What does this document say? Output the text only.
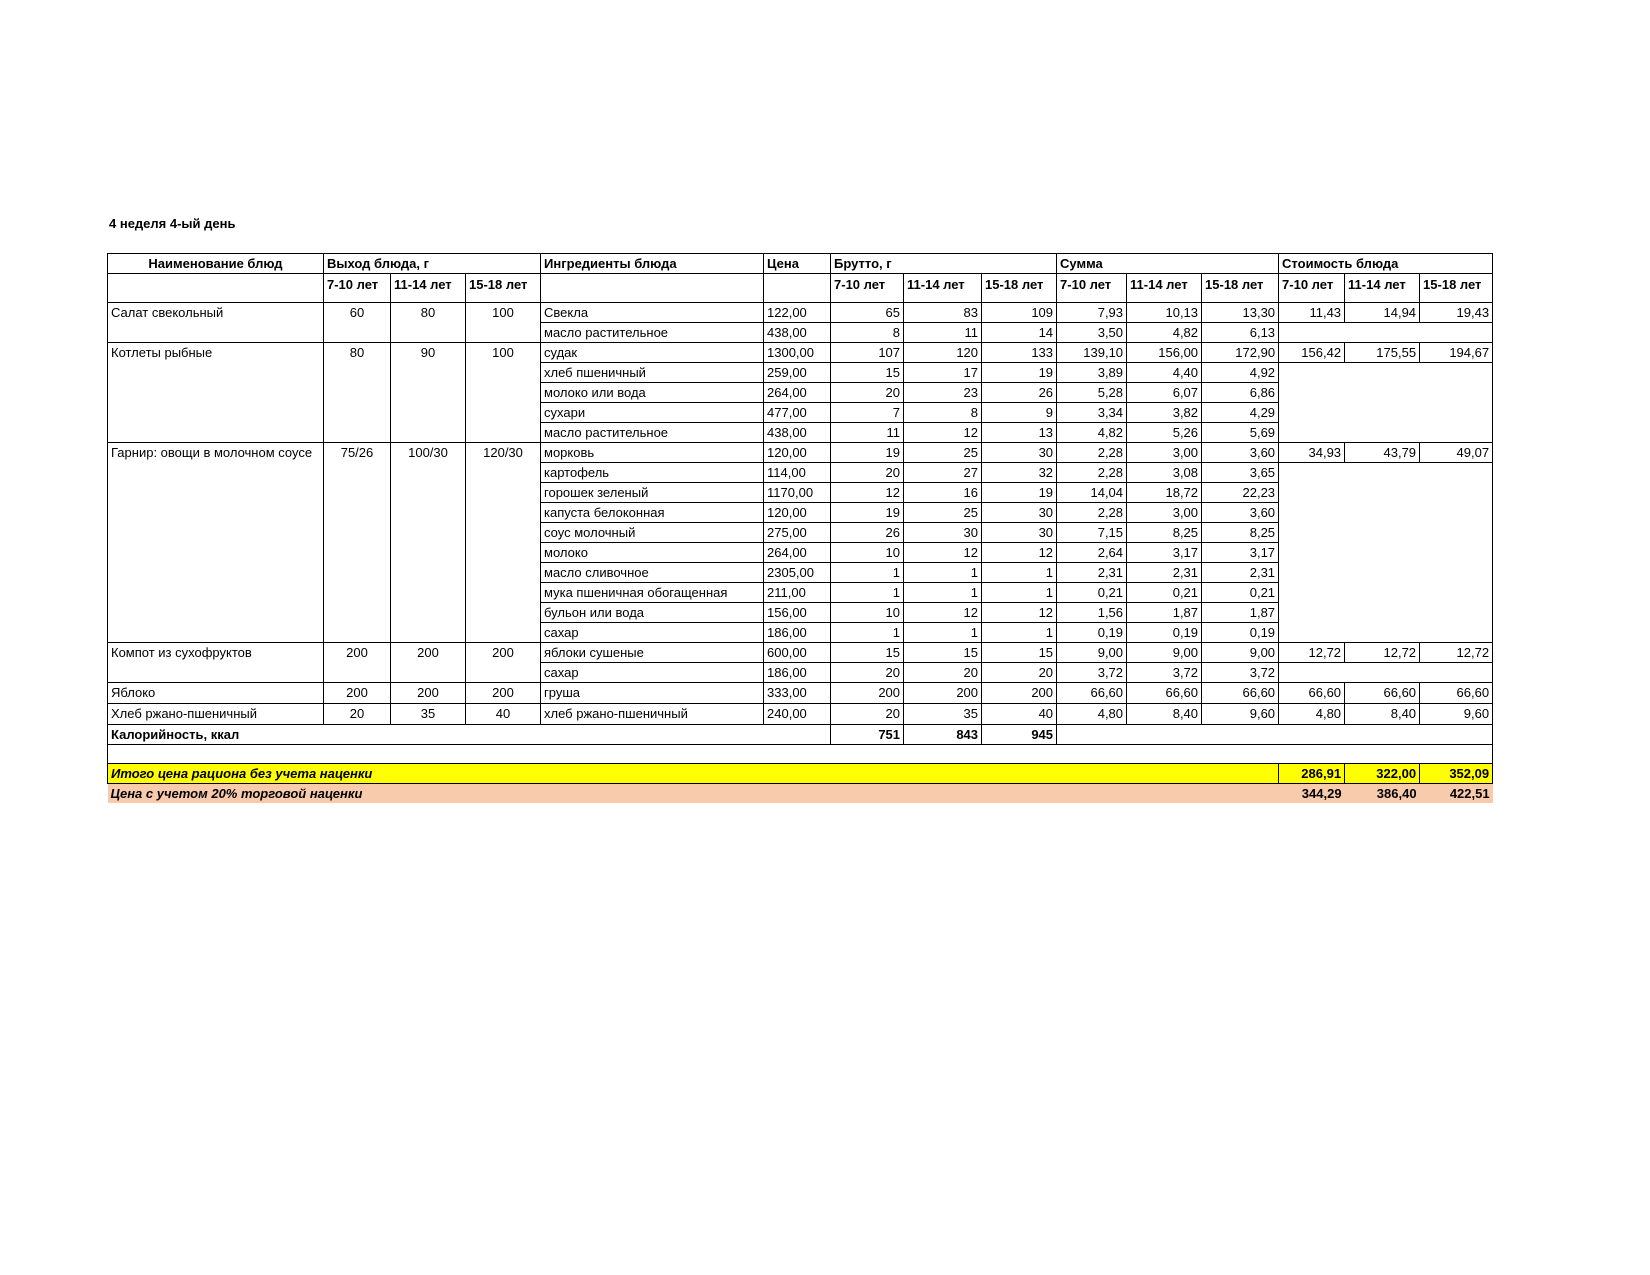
4 неделя 4-ый день
Наименование блюд	Выход блюда, г			Ингредиенты блюда	Цена	Брутто, г			Сумма			Стоимость блюда		
	7-10 лет	11-14 лет	15-18 лет			7-10 лет	11-14 лет	15-18 лет	7-10 лет	11-14 лет	15-18 лет	7-10 лет	11-14 лет	15-18 лет
Салат свекольный	60	80	100	Свекла	122,00	65	83	109	7,93	10,13	13,30	11,43	14,94	19,43
				масло растительное	438,00	8	11	14	3,50	4,82	6,13			
Котлеты рыбные	80	90	100	судак	1300,00	107	120	133	139,10	156,00	172,90	156,42	175,55	194,67
				хлеб пшеничный	259,00	15	17	19	3,89	4,40	4,92			
				молоко или вода	264,00	20	23	26	5,28	6,07	6,86			
				сухари	477,00	7	8	9	3,34	3,82	4,29			
				масло растительное	438,00	11	12	13	4,82	5,26	5,69			
Гарнир: овощи в молочном соусе	75/26	100/30	120/30	морковь	120,00	19	25	30	2,28	3,00	3,60	34,93	43,79	49,07
				картофель	114,00	20	27	32	2,28	3,08	3,65			
				горошек зеленый	1170,00	12	16	19	14,04	18,72	22,23			
				капуста белоконная	120,00	19	25	30	2,28	3,00	3,60			
				соус молочный	275,00	26	30	30	7,15	8,25	8,25			
				молоко	264,00	10	12	12	2,64	3,17	3,17			
				масло сливочное	2305,00	1	1	1	2,31	2,31	2,31			
				мука пшеничная обогащенная	211,00	1	1	1	0,21	0,21	0,21			
				бульон или вода	156,00	10	12	12	1,56	1,87	1,87			
				сахар	186,00	1	1	1	0,19	0,19	0,19			
Компот из сухофруктов	200	200	200	яблоки сушеные	600,00	15	15	15	9,00	9,00	9,00	12,72	12,72	12,72
				сахар	186,00	20	20	20	3,72	3,72	3,72			
Яблоко	200	200	200	груша	333,00	200	200	200	66,60	66,60	66,60	66,60	66,60	66,60
Хлеб ржано-пшеничный	20	35	40	хлеб ржано-пшеничный	240,00	20	35	40	4,80	8,40	9,60	4,80	8,40	9,60
Калорийность, ккал						751	843	945						

Итого цена рациона без учета наценки												286,91	322,00	352,09
Цена с учетом 20% торговой наценки												344,29	386,40	422,51
